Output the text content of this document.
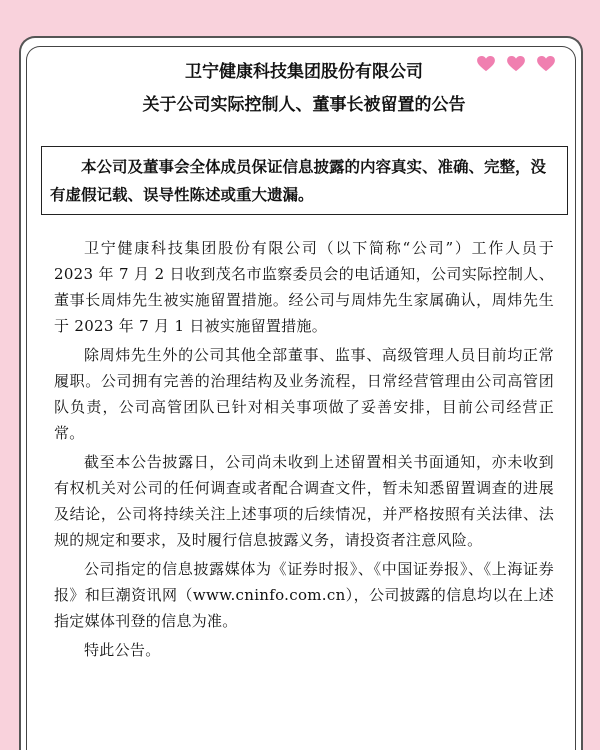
卫宁健康科技集团股份有限公司
关于公司实际控制人、董事长被留置的公告
本公司及董事会全体成员保证信息披露的内容真实、准确、完整，没有虚假记载、误导性陈述或重大遗漏。

卫宁健康科技集团股份有限公司（以下简称“公司”）工作人员于 2023 年 7 月 2 日收到茂名市监察委员会的电话通知，公司实际控制人、董事长周炜先生被实施留置措施。经公司与周炜先生家属确认，周炜先生于 2023 年 7 月 1 日被实施留置措施。

除周炜先生外的公司其他全部董事、监事、高级管理人员目前均正常履职。公司拥有完善的治理结构及业务流程，日常经营管理由公司高管团队负责，公司高管团队已针对相关事项做了妥善安排，目前公司经营正常。

截至本公告披露日，公司尚未收到上述留置相关书面通知，亦未收到有权机关对公司的任何调查或者配合调查文件，暂未知悉留置调查的进展及结论，公司将持续关注上述事项的后续情况，并严格按照有关法律、法规的规定和要求，及时履行信息披露义务，请投资者注意风险。

公司指定的信息披露媒体为《证券时报》、《中国证券报》、《上海证券报》和巨潮资讯网（www.cninfo.com.cn），公司披露的信息均以在上述指定媒体刊登的信息为准。

特此公告。
